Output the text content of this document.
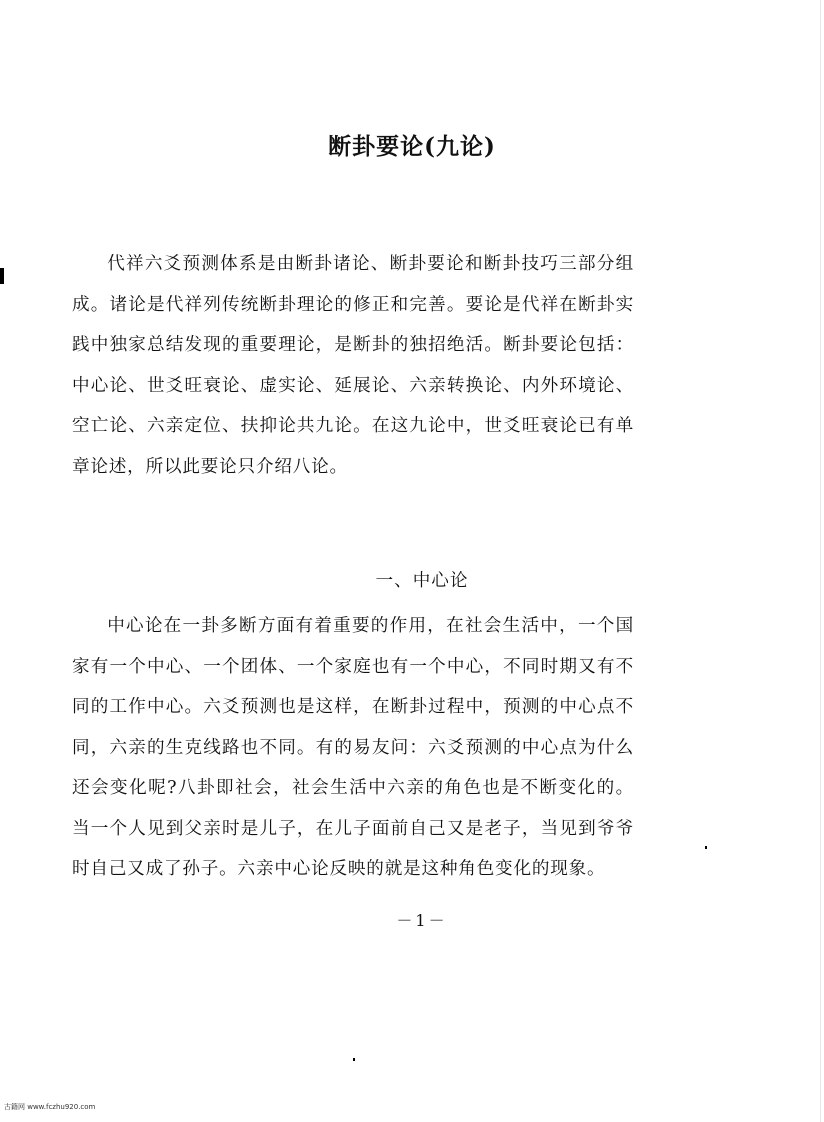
断卦要论(九论)

代祥六爻预测体系是由断卦诸论、断卦要论和断卦技巧三部分组成。诸论是代祥列传统断卦理论的修正和完善。要论是代祥在断卦实践中独家总结发现的重要理论，是断卦的独招绝活。断卦要论包括：中心论、世爻旺衰论、虚实论、延展论、六亲转换论、内外环境论、空亡论、六亲定位、扶抑论共九论。在这九论中，世爻旺衰论已有单章论述，所以此要论只介绍八论。

一、中心论

中心论在一卦多断方面有着重要的作用，在社会生活中，一个国家有一个中心、一个团体、一个家庭也有一个中心，不同时期又有不同的工作中心。六爻预测也是这样，在断卦过程中，预测的中心点不同，六亲的生克线路也不同。有的易友问：六爻预测的中心点为什么还会变化呢?八卦即社会，社会生活中六亲的角色也是不断变化的。当一个人见到父亲时是儿子，在儿子面前自己又是老子，当见到爷爷时自己又成了孙子。六亲中心论反映的就是这种角色变化的现象。

－1－
古籍网 www.fczhu920.com
